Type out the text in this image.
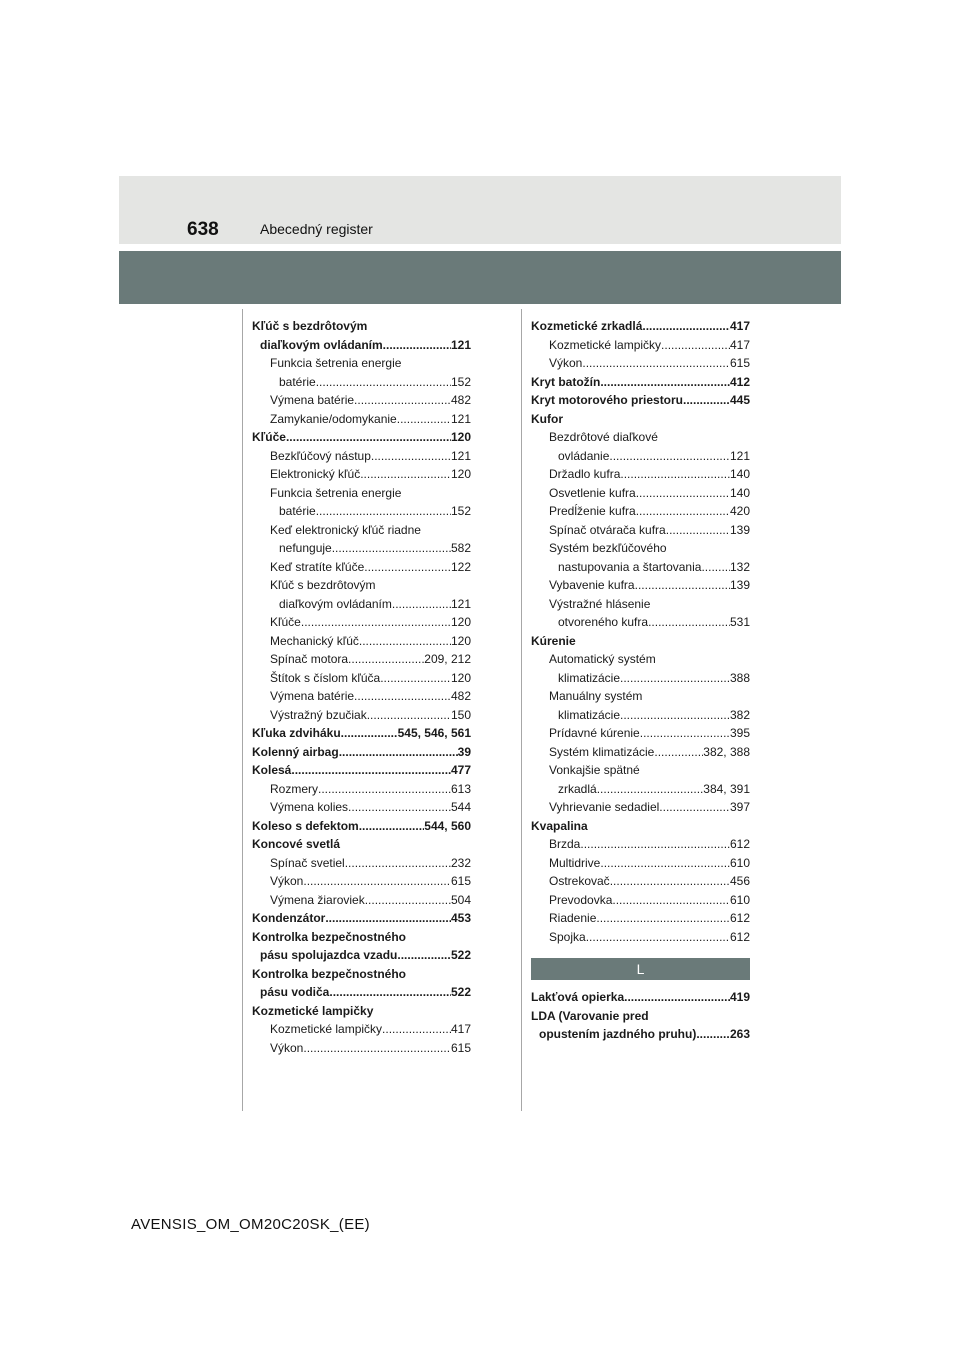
638	Abecedný register
Kľúč s bezdrôtovým
diaľkovým ovládaním .....	121
Funkcia šetrenia energie
batérie .....	152
Výmena batérie .....	482
Zamykanie/odomykanie .....	121
Kľúče .....	120
Bezkľúčový nástup .....	121
Elektronický kľúč .....	120
Funkcia šetrenia energie
batérie .....	152
Keď elektronický kľúč riadne
nefunguje .....	582
Keď stratíte kľúče .....	122
Kľúč s bezdrôtovým
diaľkovým ovládaním .....	121
Kľúče .....	120
Mechanický kľúč .....	120
Spínač motora .....	209, 212
Štítok s číslom kľúča .....	120
Výmena batérie .....	482
Výstražný bzučiak .....	150
Kľuka zdviháku .....	545, 546, 561
Kolenný airbag .....	39
Kolesá .....	477
Rozmery .....	613
Výmena kolies .....	544
Koleso s defektom .....	544, 560
Koncové svetlá
Spínač svetiel .....	232
Výkon .....	615
Výmena žiaroviek .....	504
Kondenzátor .....	453
Kontrolka bezpečnostného
pásu spolujazdca vzadu .....	522
Kontrolka bezpečnostného
pásu vodiča .....	522
Kozmetické lampičky
Kozmetické lampičky .....	417
Výkon .....	615
Kozmetické zrkadlá .....	417
Kozmetické lampičky .....	417
Výkon .....	615
Kryt batožín .....	412
Kryt motorového priestoru .....	445
Kufor
Bezdrôtové diaľkové
ovládanie .....	121
Držadlo kufra .....	140
Osvetlenie kufra .....	140
Predĺženie kufra .....	420
Spínač otvárača kufra .....	139
Systém bezkľúčového
nastupovania a štartovania ..... 132
Vybavenie kufra .....	139
Výstražné hlásenie
otvoreného kufra .....	531
Kúrenie
Automatický systém
klimatizácie .....	388
Manuálny systém
klimatizácie .....	382
Prídavné kúrenie .....	395
Systém klimatizácie .....	382, 388
Vonkajšie spätné
zrkadlá .....	384, 391
Vyhrievanie sedadiel .....	397
Kvapalina
Brzda .....	612
Multidrive .....	610
Ostrekovač .....	456
Prevodovka .....	610
Riadenie .....	612
Spojka .....	612
L
Lakťová opierka .....	419
LDA (Varovanie pred
opustením jazdného pruhu) .....	263
AVENSIS_OM_OM20C20SK_(EE)
